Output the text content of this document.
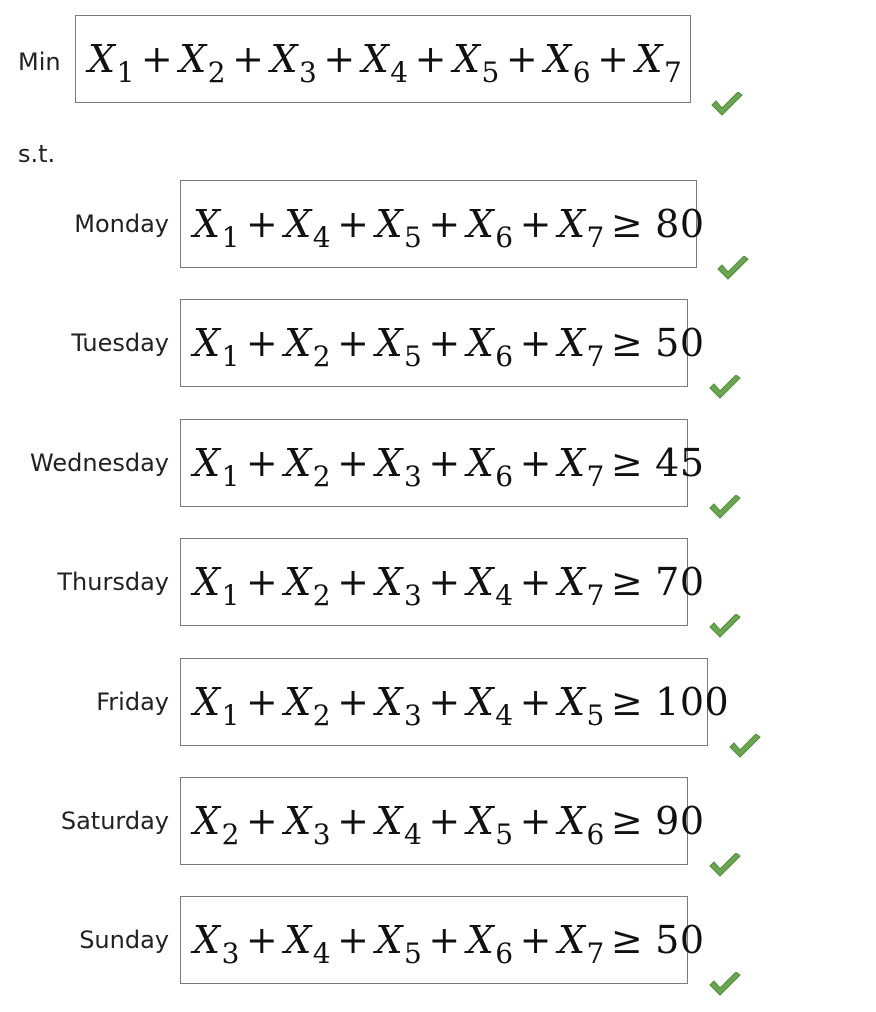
Min $X_1 + X_2 + X_3 + X_4 + X_5 + X_6 + X_7$
s.t.
Monday $X_1 + X_4 + X_5 + X_6 + X_7 \ge 80$
Tuesday $X_1 + X_2 + X_5 + X_6 + X_7 \ge 50$
Wednesday $X_1 + X_2 + X_3 + X_6 + X_7 \ge 45$
Thursday $X_1 + X_2 + X_3 + X_4 + X_7 \ge 70$
Friday $X_1 + X_2 + X_3 + X_4 + X_5 \ge 100$
Saturday $X_2 + X_3 + X_4 + X_5 + X_6 \ge 90$
Sunday $X_3 + X_4 + X_5 + X_6 + X_7 \ge 50$
